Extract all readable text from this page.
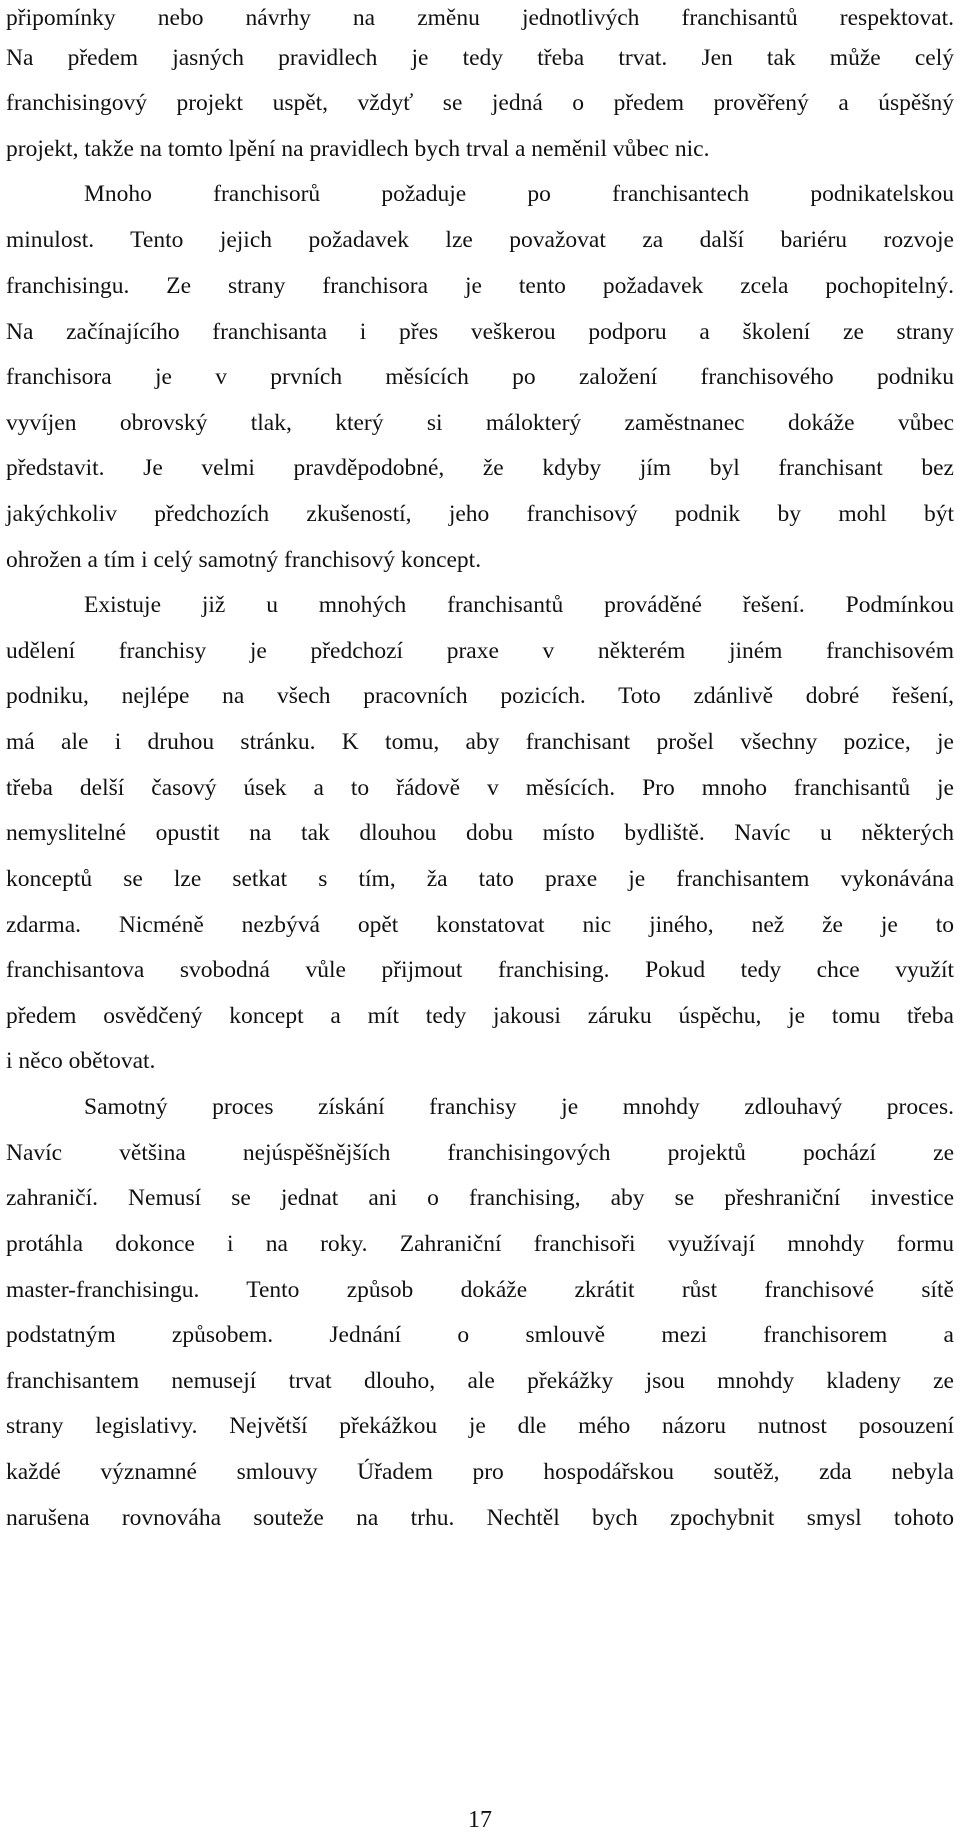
připomínky nebo návrhy na změnu jednotlivých franchisantů respektovat.
Na předem jasných pravidlech je tedy třeba trvat. Jen tak může celý
franchisingový projekt uspět, vždyť se jedná o předem prověřený a úspěšný
projekt, takže na tomto lpění na pravidlech bych trval a neměnil vůbec nic.
Mnoho franchisorů požaduje po franchisantech podnikatelskou
minulost. Tento jejich požadavek lze považovat za další bariéru rozvoje
franchisingu. Ze strany franchisora je tento požadavek zcela pochopitelný.
Na začínajícího franchisanta i přes veškerou podporu a školení ze strany
franchisora je v prvních měsících po založení franchisového podniku
vyvíjen obrovský tlak, který si málokterý zaměstnanec dokáže vůbec
představit. Je velmi pravděpodobné, že kdyby jím byl franchisant bez
jakýchkoliv předchozích zkušeností, jeho franchisový podnik by mohl být
ohrožen a tím i celý samotný franchisový koncept.
Existuje již u mnohých franchisantů prováděné řešení. Podmínkou
udělení franchisy je předchozí praxe v některém jiném franchisovém
podniku, nejlépe na všech pracovních pozicích. Toto zdánlivě dobré řešení,
má ale i druhou stránku. K tomu, aby franchisant prošel všechny pozice, je
třeba delší časový úsek a to řádově v měsících. Pro mnoho franchisantů je
nemyslitelné opustit na tak dlouhou dobu místo bydliště. Navíc u některých
konceptů se lze setkat s tím, ža tato praxe je franchisantem vykonávána
zdarma. Nicméně nezbývá opět konstatovat nic jiného, než že je to
franchisantova svobodná vůle přijmout franchising. Pokud tedy chce využít
předem osvědčený koncept a mít tedy jakousi záruku úspěchu, je tomu třeba
i něco obětovat.
Samotný proces získání franchisy je mnohdy zdlouhavý proces.
Navíc většina nejúspěšnějších franchisingových projektů pochází ze
zahraničí. Nemusí se jednat ani o franchising, aby se přeshraniční investice
protáhla dokonce i na roky. Zahraniční franchisoři využívají mnohdy formu
master-franchisingu. Tento způsob dokáže zkrátit růst franchisové sítě
podstatným způsobem. Jednání o smlouvě mezi franchisorem a
franchisantem nemusejí trvat dlouho, ale překážky jsou mnohdy kladeny ze
strany legislativy. Největší překážkou je dle mého názoru nutnost posouzení
každé významné smlouvy Úřadem pro hospodářskou soutěž, zda nebyla
narušena rovnováha souteže na trhu. Nechtěl bych zpochybnit smysl tohoto
17
